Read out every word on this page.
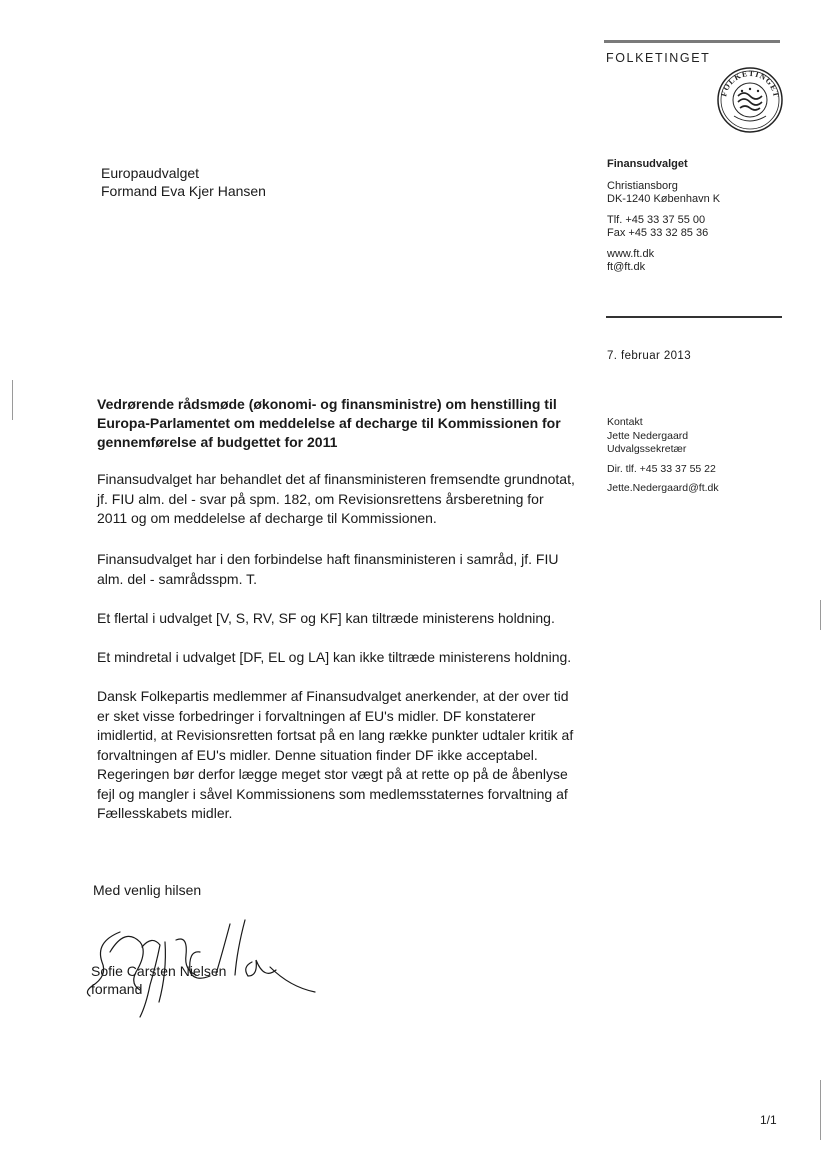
FOLKETINGET
FOLKETINGET
Europaudvalget
Formand Eva Kjer Hansen
Finansudvalget
Christiansborg
DK-1240 København K
Tlf. +45 33 37 55 00
Fax +45 33 32 85 36
www.ft.dk
ft@ft.dk
7. februar 2013
Kontakt
Jette Nedergaard
Udvalgssekretær
Dir. tlf. +45 33 37 55 22
Jette.Nedergaard@ft.dk
Vedrørende rådsmøde (økonomi- og finansministre) om henstilling til Europa-Parlamentet om meddelelse af decharge til Kommissionen for gennemførelse af budgettet for 2011
Finansudvalget har behandlet det af finansministeren fremsendte grundnotat, jf. FIU alm. del - svar på spm. 182, om Revisionsrettens årsberetning for 2011 og om meddelelse af decharge til Kommissionen.
Finansudvalget har i den forbindelse haft finansministeren i samråd, jf. FIU alm. del - samrådsspm. T.
Et flertal i udvalget [V, S, RV, SF og KF] kan tiltræde ministerens holdning.
Et mindretal i udvalget [DF, EL og LA] kan ikke tiltræde ministerens holdning.
Dansk Folkepartis medlemmer af Finansudvalget anerkender, at der over tid er sket visse forbedringer i forvaltningen af EU's midler. DF konstaterer imidlertid, at Revisionsretten fortsat på en lang række punkter udtaler kritik af forvaltningen af EU's midler. Denne situation finder DF ikke acceptabel. Regeringen bør derfor lægge meget stor vægt på at rette op på de åbenlyse fejl og mangler i såvel Kommissionens som medlemsstaternes forvaltning af Fællesskabets midler.
Med venlig hilsen
Sofie Carsten Nielsen
formand
1/1
